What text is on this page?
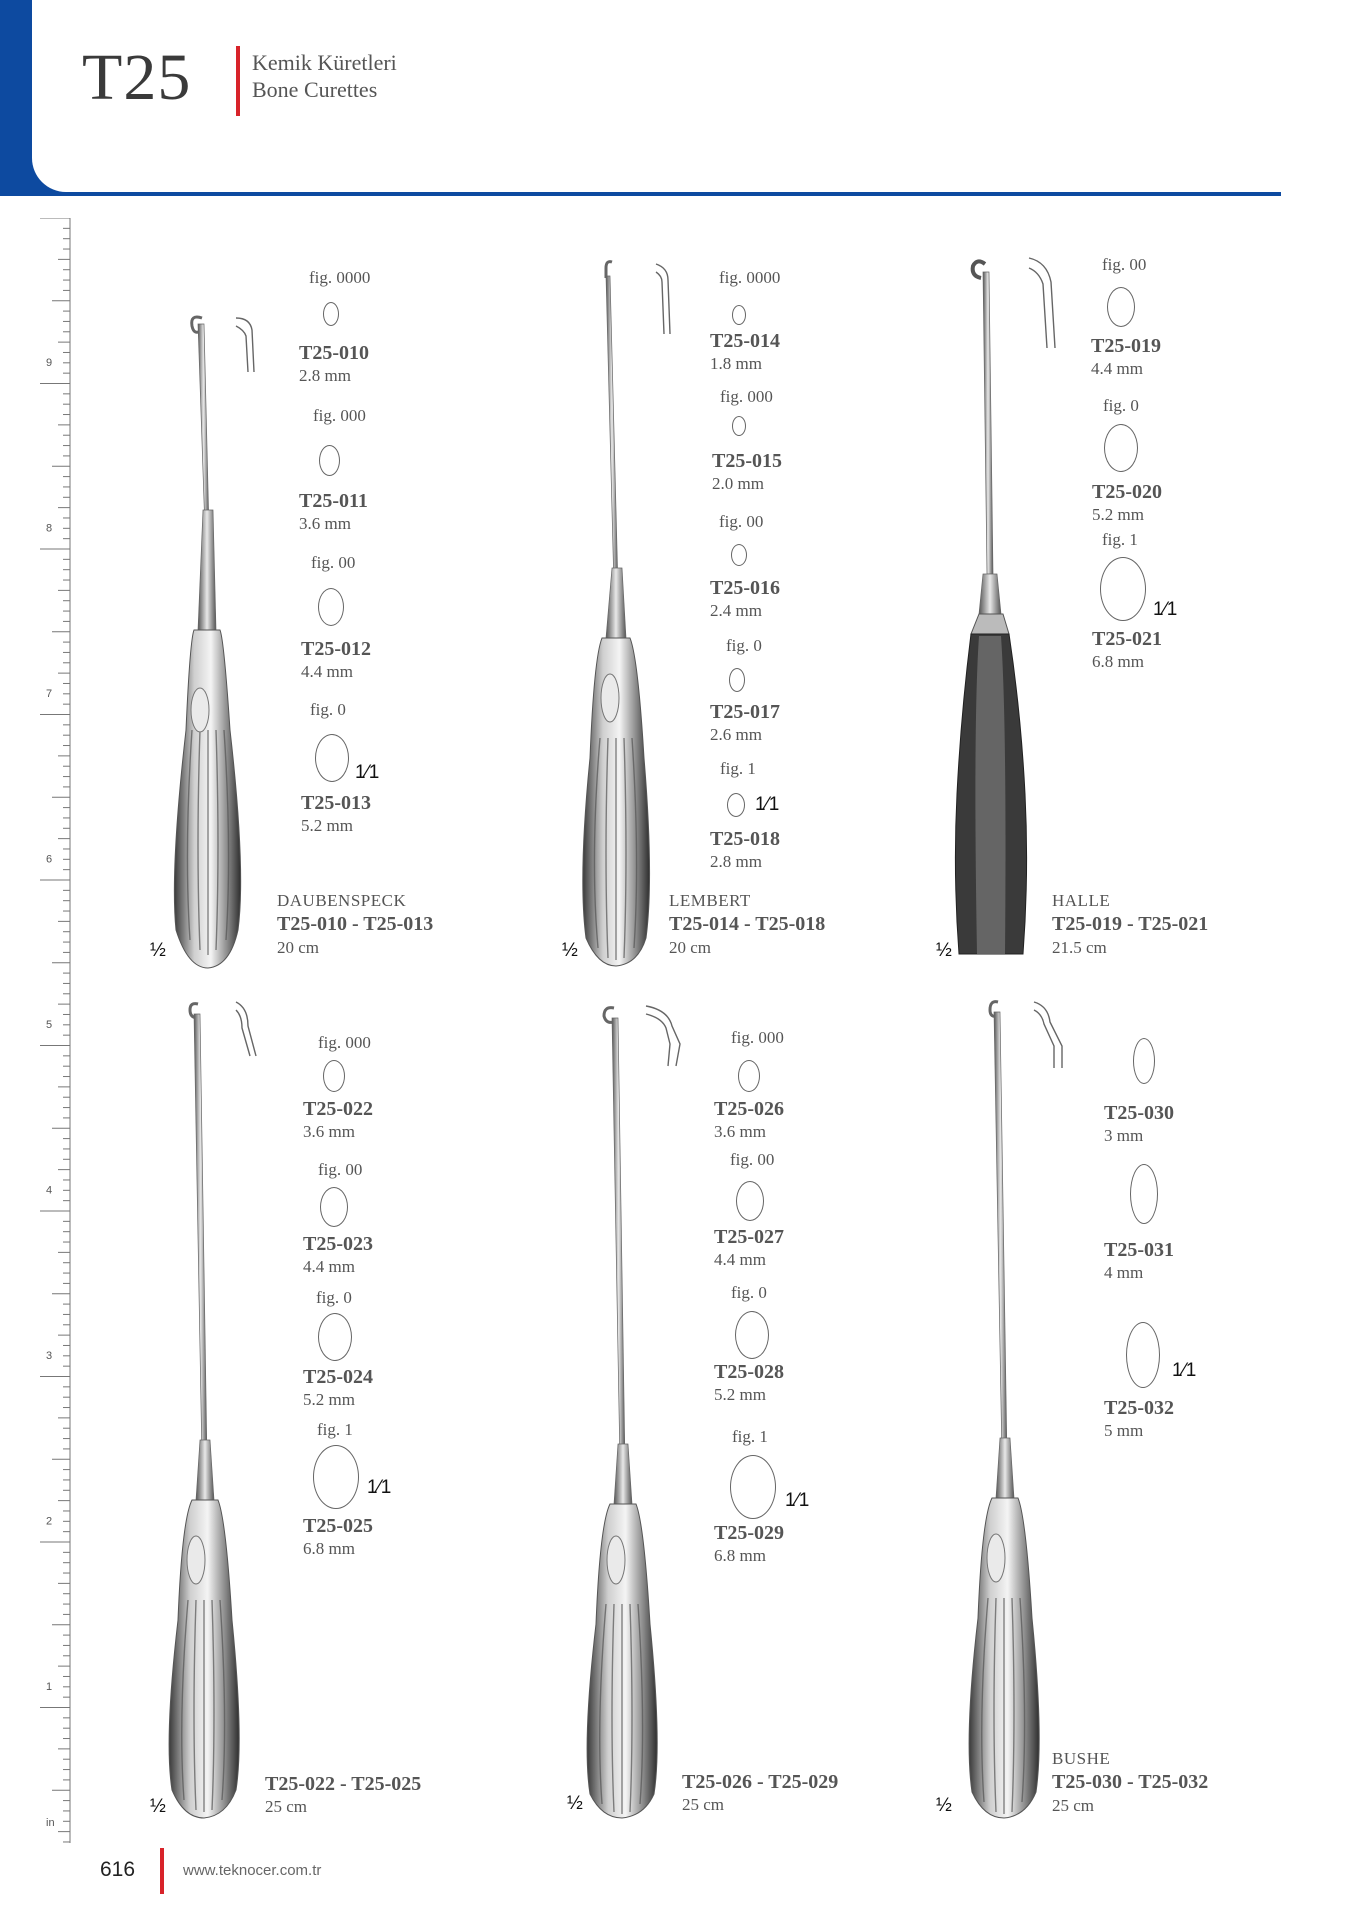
T25	Kemik Küretleri
Bone Curettes
9
8
7
6
5
4
3
2
1
in
fig. 0000
T25-010
2.8 mm
fig. 000
T25-011
3.6 mm
fig. 00
T25-012
4.4 mm
fig. 0
1⁄1
T25-013
5.2 mm
DAUBENSPECK
T25-010 - T25-013
20 cm
½
fig. 0000
T25-014
1.8 mm
fig. 000
T25-015
2.0 mm
fig. 00
T25-016
2.4 mm
fig. 0
T25-017
2.6 mm
fig. 1
1⁄1
T25-018
2.8 mm
LEMBERT
T25-014 - T25-018
20 cm
½
fig. 00
T25-019
4.4 mm
fig. 0
T25-020
5.2 mm
fig. 1
1⁄1
T25-021
6.8 mm
HALLE
T25-019 - T25-021
21.5 cm
½
fig. 000
T25-022
3.6 mm
fig. 00
T25-023
4.4 mm
fig. 0
T25-024
5.2 mm
fig. 1
1⁄1
T25-025
6.8 mm
T25-022 - T25-025
25 cm
½
fig. 000
T25-026
3.6 mm
fig. 00
T25-027
4.4 mm
fig. 0
T25-028
5.2 mm
fig. 1
1⁄1
T25-029
6.8 mm
T25-026 - T25-029
25 cm
½
T25-030
3 mm
T25-031
4 mm
1⁄1
T25-032
5 mm
BUSHE
T25-030 - T25-032
25 cm
½
616	www.teknocer.com.tr
